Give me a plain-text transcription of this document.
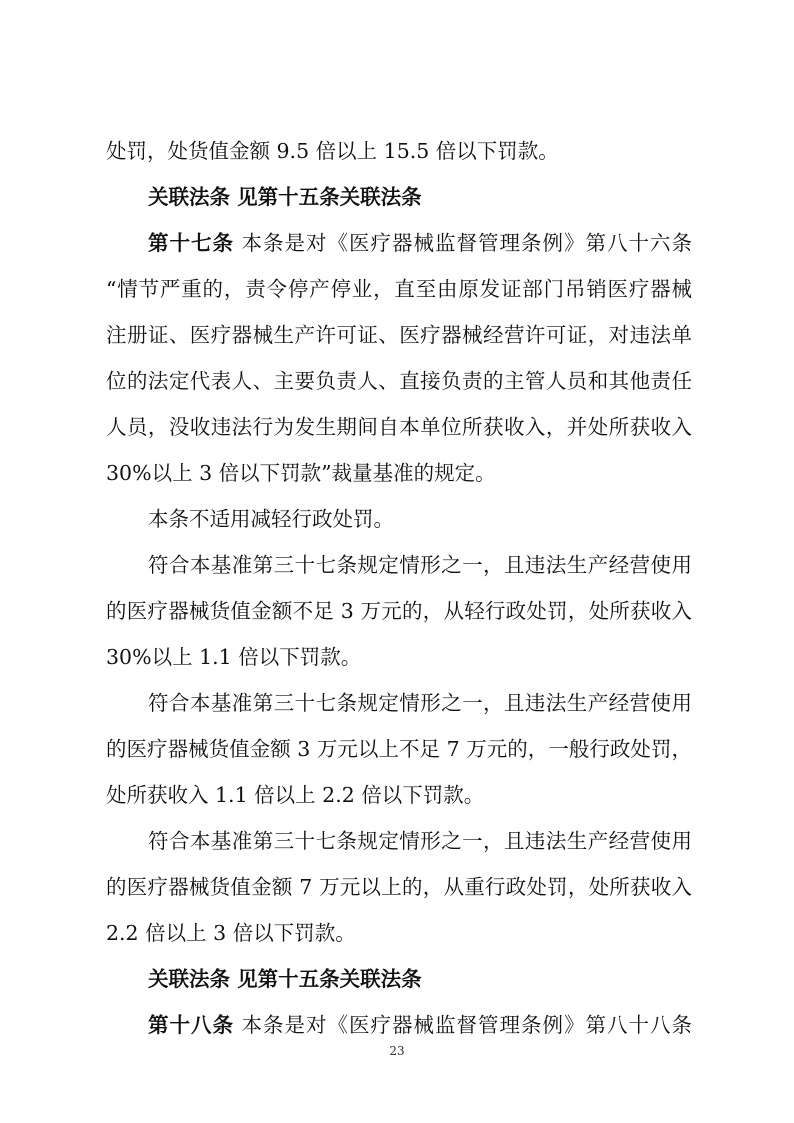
处罚，处货值金额 9.5 倍以上 15.5 倍以下罚款。
关联法条 见第十五条关联法条
第十七条 本条是对《医疗器械监督管理条例》第八十六条
“情节严重的，责令停产停业，直至由原发证部门吊销医疗器械
注册证、医疗器械生产许可证、医疗器械经营许可证，对违法单
位的法定代表人、主要负责人、直接负责的主管人员和其他责任
人员，没收违法行为发生期间自本单位所获收入，并处所获收入
30%以上 3 倍以下罚款”裁量基准的规定。
本条不适用减轻行政处罚。
符合本基准第三十七条规定情形之一，且违法生产经营使用
的医疗器械货值金额不足 3 万元的，从轻行政处罚，处所获收入
30%以上 1.1 倍以下罚款。
符合本基准第三十七条规定情形之一，且违法生产经营使用
的医疗器械货值金额 3 万元以上不足 7 万元的，一般行政处罚，
处所获收入 1.1 倍以上 2.2 倍以下罚款。
符合本基准第三十七条规定情形之一，且违法生产经营使用
的医疗器械货值金额 7 万元以上的，从重行政处罚，处所获收入
2.2 倍以上 3 倍以下罚款。
关联法条 见第十五条关联法条
第十八条 本条是对《医疗器械监督管理条例》第八十八条
23
